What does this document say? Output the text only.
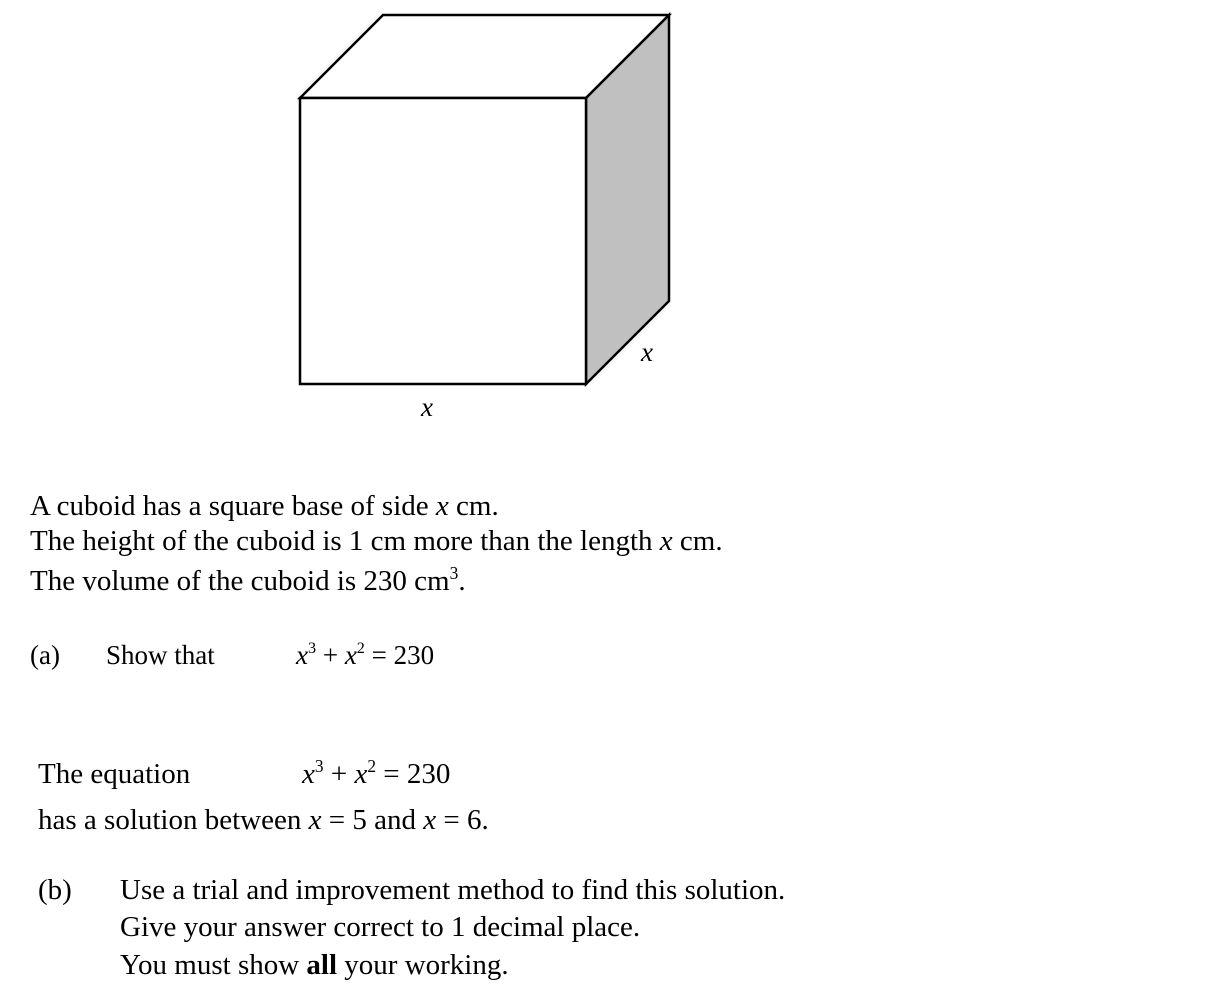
x
x
A cuboid has a square base of side x cm.
The height of the cuboid is 1 cm more than the length x cm.
The volume of the cuboid is 230 $cm^3$.
(a) Show that	$x^3 + x^2 = 230$
The equation	$x^3 + x^2 = 230$
has a solution between x = 5 and x = 6.
(b) Use a trial and improvement method to find this solution.
Give your answer correct to 1 decimal place.
You must show all your working.
